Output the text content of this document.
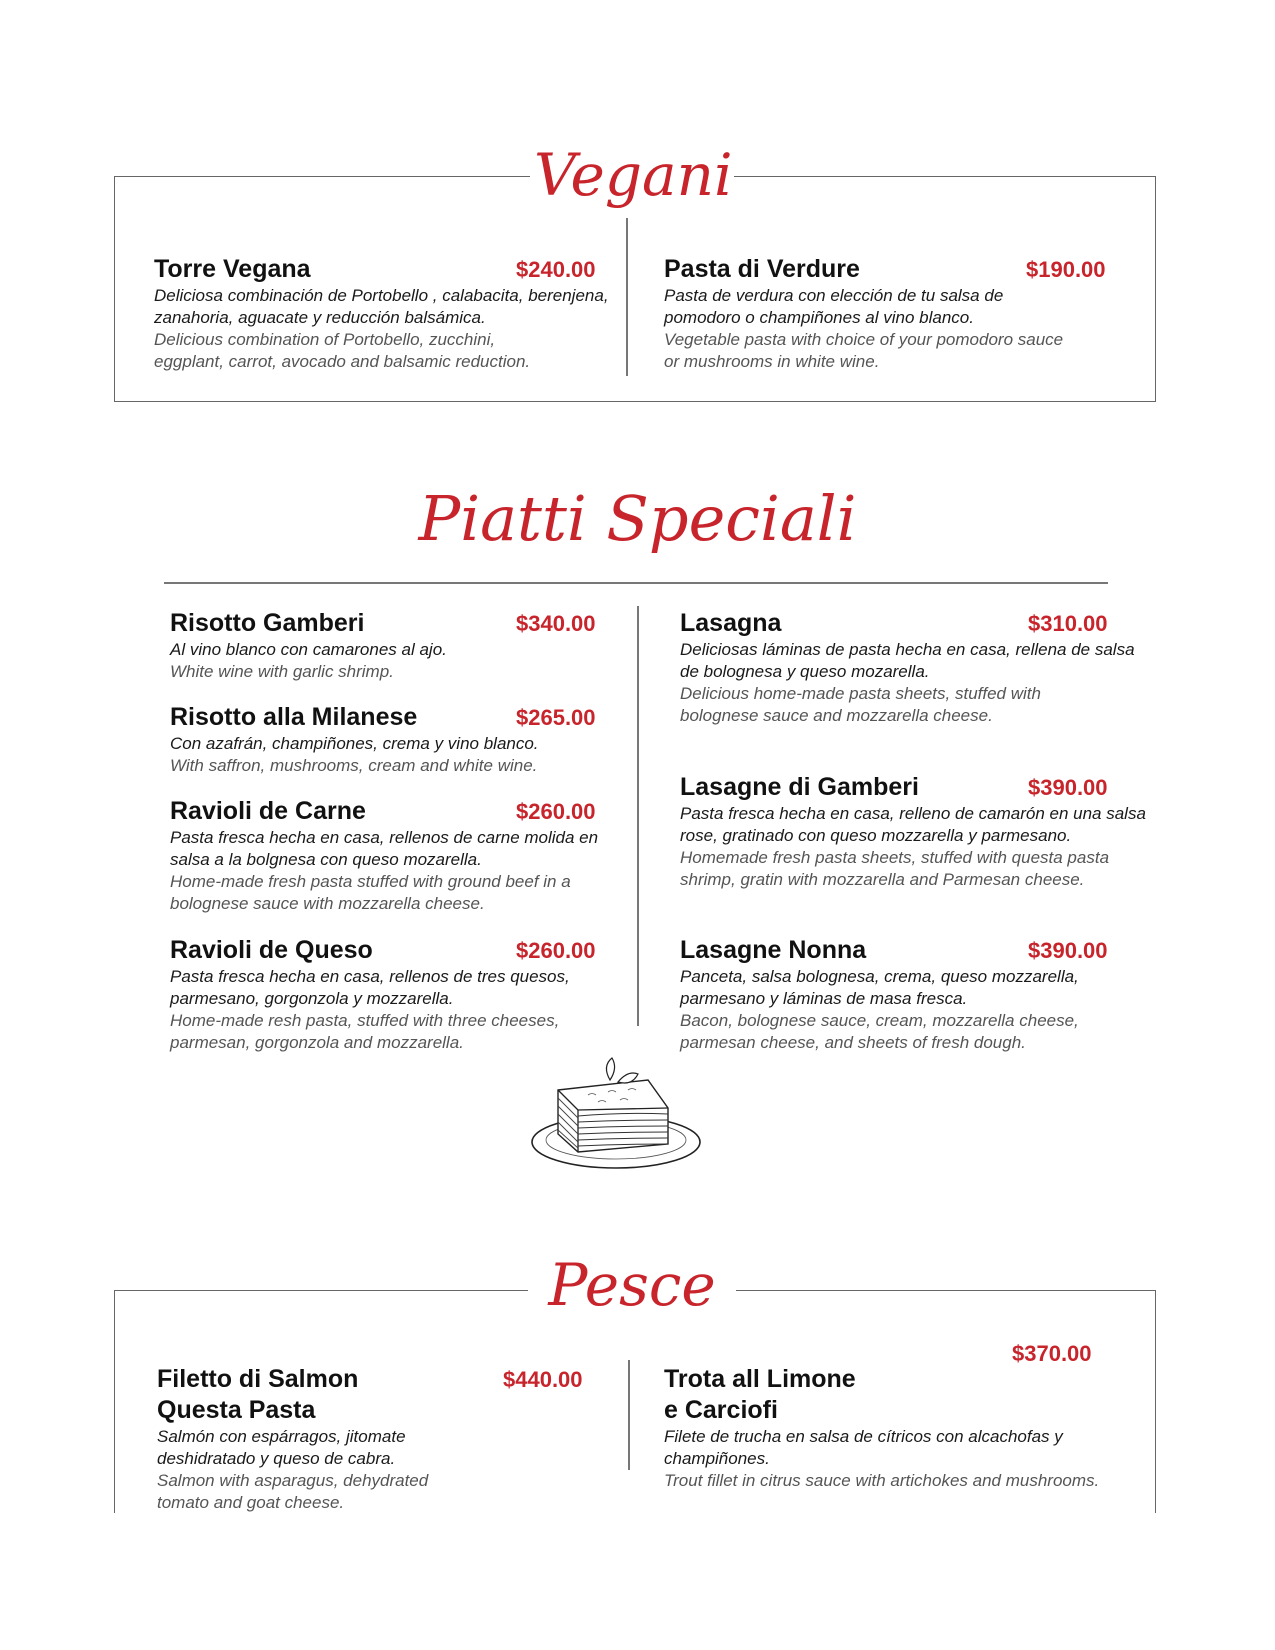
Vegani
Torre Vegana	$240.00
Deliciosa combinación de Portobello , calabacita, berenjena, zanahoria, aguacate y reducción balsámica.
Delicious combination of Portobello, zucchini, eggplant, carrot, avocado and balsamic reduction.
Pasta di Verdure	$190.00
Pasta de verdura con elección de tu salsa de pomodoro o champiñones al vino blanco.
Vegetable pasta with choice of your pomodoro sauce or mushrooms in white wine.
Piatti Speciali
Risotto Gamberi	$340.00
Al vino blanco con camarones al ajo.
White wine with garlic shrimp.
Risotto alla Milanese	$265.00
Con azafrán, champiñones, crema y vino blanco.
With saffron, mushrooms, cream and white wine.
Ravioli de Carne	$260.00
Pasta fresca hecha en casa, rellenos de carne molida en salsa a la bolgnesa con queso mozarella.
Home-made fresh pasta stuffed with ground beef in a bolognese sauce with mozzarella cheese.
Ravioli de Queso	$260.00
Pasta fresca hecha en casa, rellenos de tres quesos, parmesano, gorgonzola y mozzarella.
Home-made resh pasta, stuffed with three cheeses, parmesan, gorgonzola and mozzarella.
Lasagna	$310.00
Deliciosas láminas de pasta hecha en casa, rellena de salsa de bolognesa y queso mozarella.
Delicious home-made pasta sheets, stuffed with bolognese sauce and mozzarella cheese.
Lasagne di Gamberi	$390.00
Pasta fresca hecha en casa, relleno de camarón en una salsa rose, gratinado con queso mozzarella y parmesano.
Homemade fresh pasta sheets, stuffed with questa pasta shrimp, gratin with mozzarella and Parmesan cheese.
Lasagne Nonna	$390.00
Panceta, salsa bolognesa, crema, queso mozzarella, parmesano y láminas de masa fresca.
Bacon, bolognese sauce, cream, mozzarella cheese, parmesan cheese, and sheets of fresh dough.
Pesce
Filetto di Salmon
Questa Pasta
$440.00
Salmón con espárragos, jitomate deshidratado y queso de cabra.
Salmon with asparagus, dehydrated tomato and goat cheese.
$370.00
Trota all Limone
e Carciofi
Filete de trucha en salsa de cítricos con alcachofas y champiñones.
Trout fillet in citrus sauce with artichokes and mushrooms.
